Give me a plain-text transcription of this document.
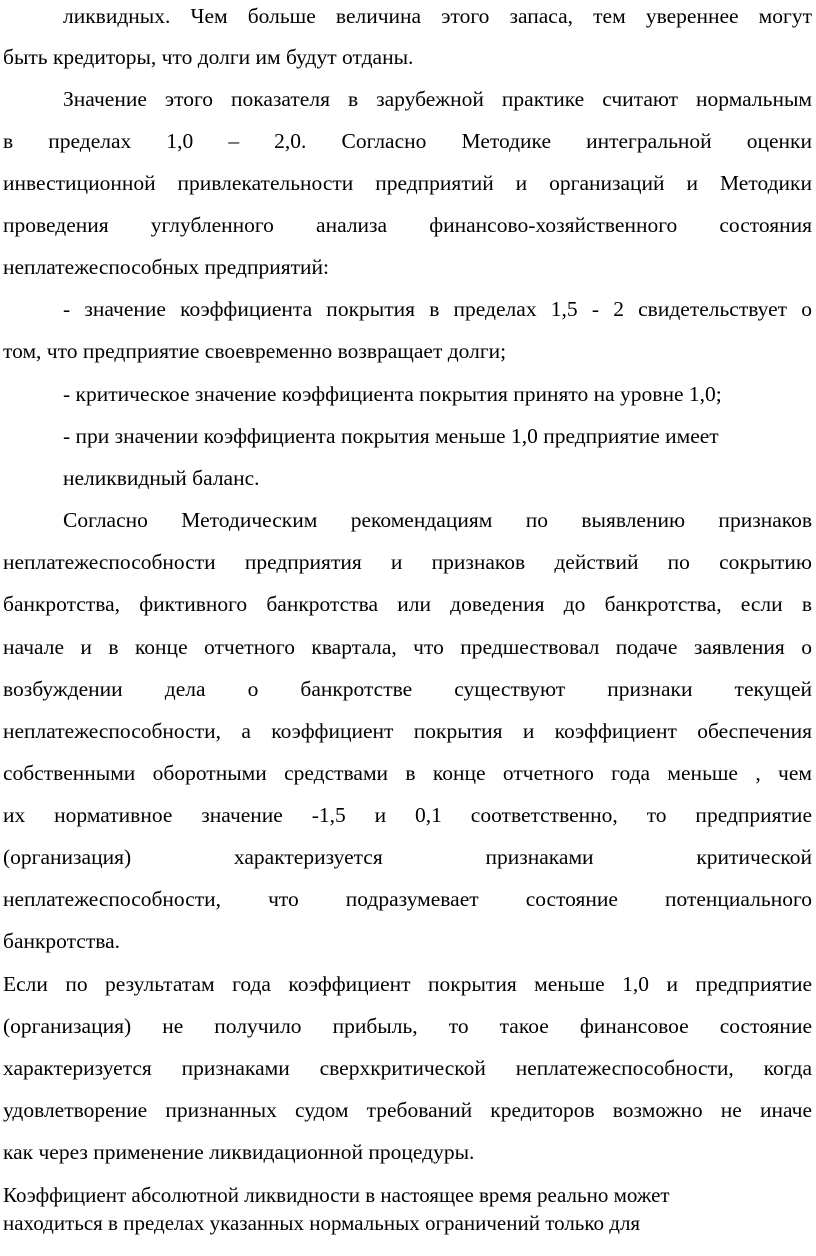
ликвидных. Чем больше величина этого запаса, тем увереннее могут

быть кредиторы, что долги им будут отданы.

Значение этого показателя в зарубежной практике считают нормальным

в пределах 1,0 – 2,0. Согласно Методике интегральной оценки

инвестиционной привлекательности предприятий и организаций и Методики

проведения углубленного анализа финансово-хозяйственного состояния

неплатежеспособных предприятий:

- значение коэффициента покрытия в пределах 1,5 - 2 свидетельствует о

том, что предприятие своевременно возвращает долги;

- критическое значение коэффициента покрытия принято на уровне 1,0;

- при значении коэффициента покрытия меньше 1,0 предприятие имеет

неликвидный баланс.

Согласно Методическим рекомендациям по выявлению признаков

неплатежеспособности предприятия и признаков действий по сокрытию

банкротства, фиктивного банкротства или доведения до банкротства, если в

начале и в конце отчетного квартала, что предшествовал подаче заявления о

возбуждении дела о банкротстве существуют признаки текущей

неплатежеспособности, а коэффициент покрытия и коэффициент обеспечения

собственными оборотными средствами в конце отчетного года меньше , чем

их нормативное значение -1,5 и 0,1 соответственно, то предприятие

(организация) характеризуется признаками критической

неплатежеспособности, что подразумевает состояние потенциального

банкротства.

Если по результатам года коэффициент покрытия меньше 1,0 и предприятие

(организация) не получило прибыль, то такое финансовое состояние

характеризуется признаками сверхкритической неплатежеспособности, когда

удовлетворение признанных судом требований кредиторов возможно не иначе

как через применение ликвидационной процедуры.

Коэффициент абсолютной ликвидности в настоящее время реально может

находиться в пределах указанных нормальных ограничений только для
